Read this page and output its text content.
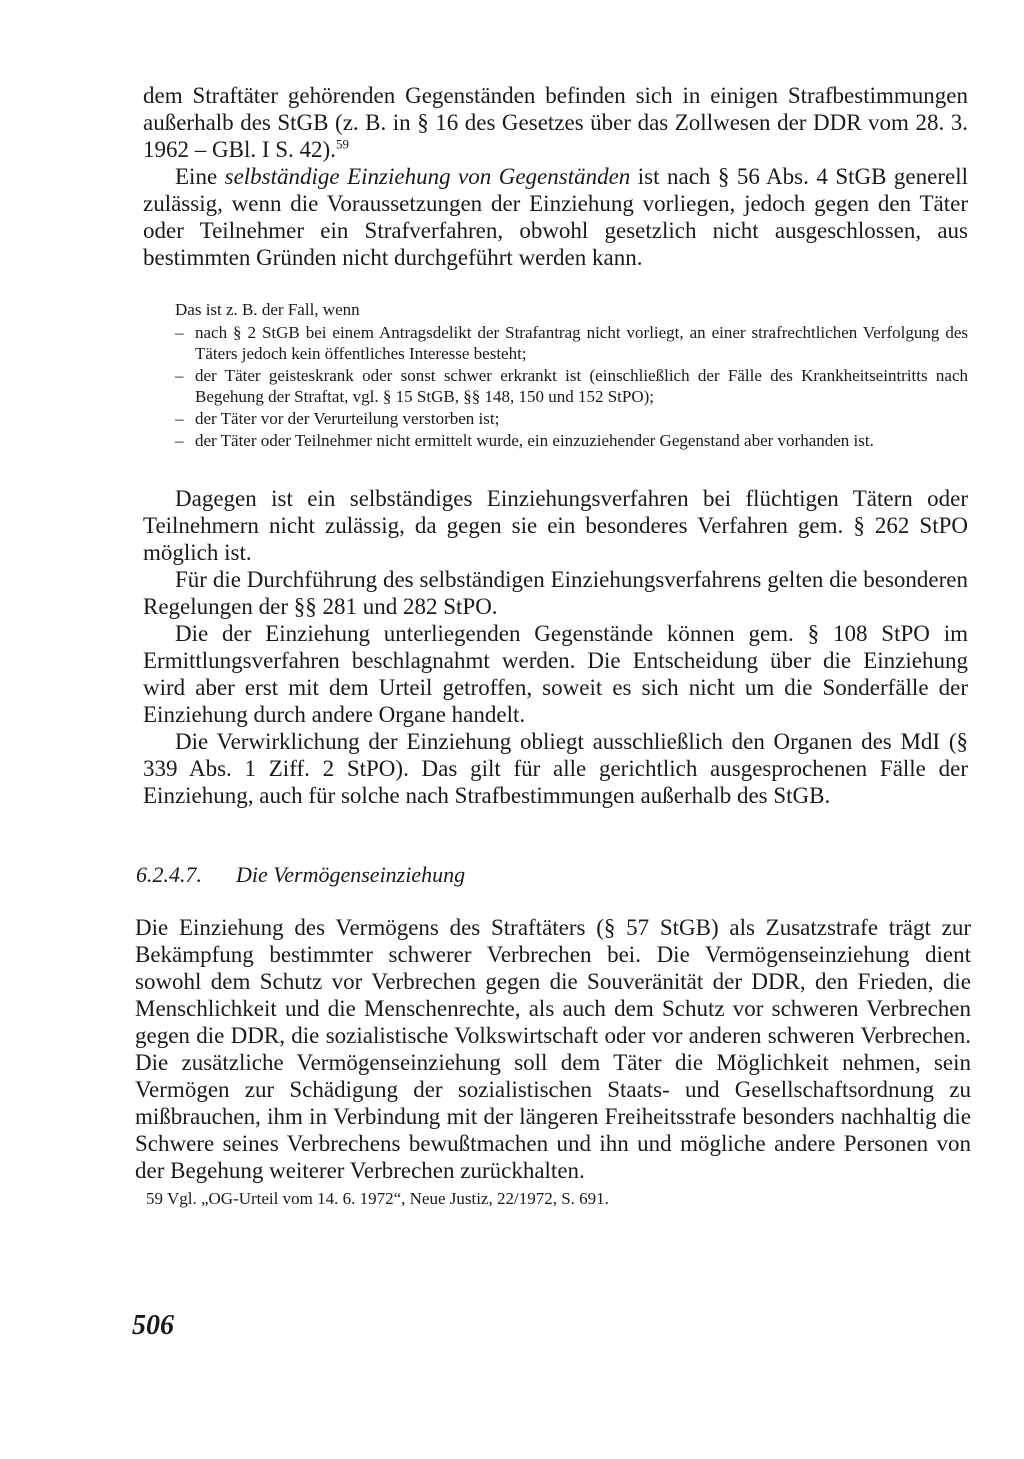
dem Straftäter gehörenden Gegenständen befinden sich in einigen Strafbestimmungen außerhalb des StGB (z. B. in § 16 des Gesetzes über das Zollwesen der DDR vom 28. 3. 1962 – GBl. I S. 42).$^{59}$

Eine selbständige Einziehung von Gegenständen ist nach § 56 Abs. 4 StGB generell zulässig, wenn die Voraussetzungen der Einziehung vorliegen, jedoch gegen den Täter oder Teilnehmer ein Strafverfahren, obwohl gesetzlich nicht ausgeschlossen, aus bestimmten Gründen nicht durchgeführt werden kann.

Das ist z. B. der Fall, wenn

– nach § 2 StGB bei einem Antragsdelikt der Strafantrag nicht vorliegt, an einer strafrechtlichen Verfolgung des Täters jedoch kein öffentliches Interesse besteht;
– der Täter geisteskrank oder sonst schwer erkrankt ist (einschließlich der Fälle des Krankheitseintritts nach Begehung der Straftat, vgl. § 15 StGB, §§ 148, 150 und 152 StPO);
– der Täter vor der Verurteilung verstorben ist;
– der Täter oder Teilnehmer nicht ermittelt wurde, ein einzuziehender Gegenstand aber vorhanden ist.

Dagegen ist ein selbständiges Einziehungsverfahren bei flüchtigen Tätern oder Teilnehmern nicht zulässig, da gegen sie ein besonderes Verfahren gem. § 262 StPO möglich ist.

Für die Durchführung des selbständigen Einziehungsverfahrens gelten die besonderen Regelungen der §§ 281 und 282 StPO.

Die der Einziehung unterliegenden Gegenstände können gem. § 108 StPO im Ermittlungsverfahren beschlagnahmt werden. Die Entscheidung über die Einziehung wird aber erst mit dem Urteil getroffen, soweit es sich nicht um die Sonderfälle der Einziehung durch andere Organe handelt.

Die Verwirklichung der Einziehung obliegt ausschließlich den Organen des MdI (§ 339 Abs. 1 Ziff. 2 StPO). Das gilt für alle gerichtlich ausgesprochenen Fälle der Einziehung, auch für solche nach Strafbestimmungen außerhalb des StGB.

6.2.4.7.	Die Vermögenseinziehung

Die Einziehung des Vermögens des Straftäters (§ 57 StGB) als Zusatzstrafe trägt zur Bekämpfung bestimmter schwerer Verbrechen bei. Die Vermögenseinziehung dient sowohl dem Schutz vor Verbrechen gegen die Souveränität der DDR, den Frieden, die Menschlichkeit und die Menschenrechte, als auch dem Schutz vor schweren Verbrechen gegen die DDR, die sozialistische Volkswirtschaft oder vor anderen schweren Verbrechen. Die zusätzliche Vermögenseinziehung soll dem Täter die Möglichkeit nehmen, sein Vermögen zur Schädigung der sozialistischen Staats- und Gesellschaftsordnung zu mißbrauchen, ihm in Verbindung mit der längeren Freiheitsstrafe besonders nachhaltig die Schwere seines Verbrechens bewußtmachen und ihn und mögliche andere Personen von der Begehung weiterer Verbrechen zurückhalten.

59 Vgl. „OG-Urteil vom 14. 6. 1972“, Neue Justiz, 22/1972, S. 691.
506
